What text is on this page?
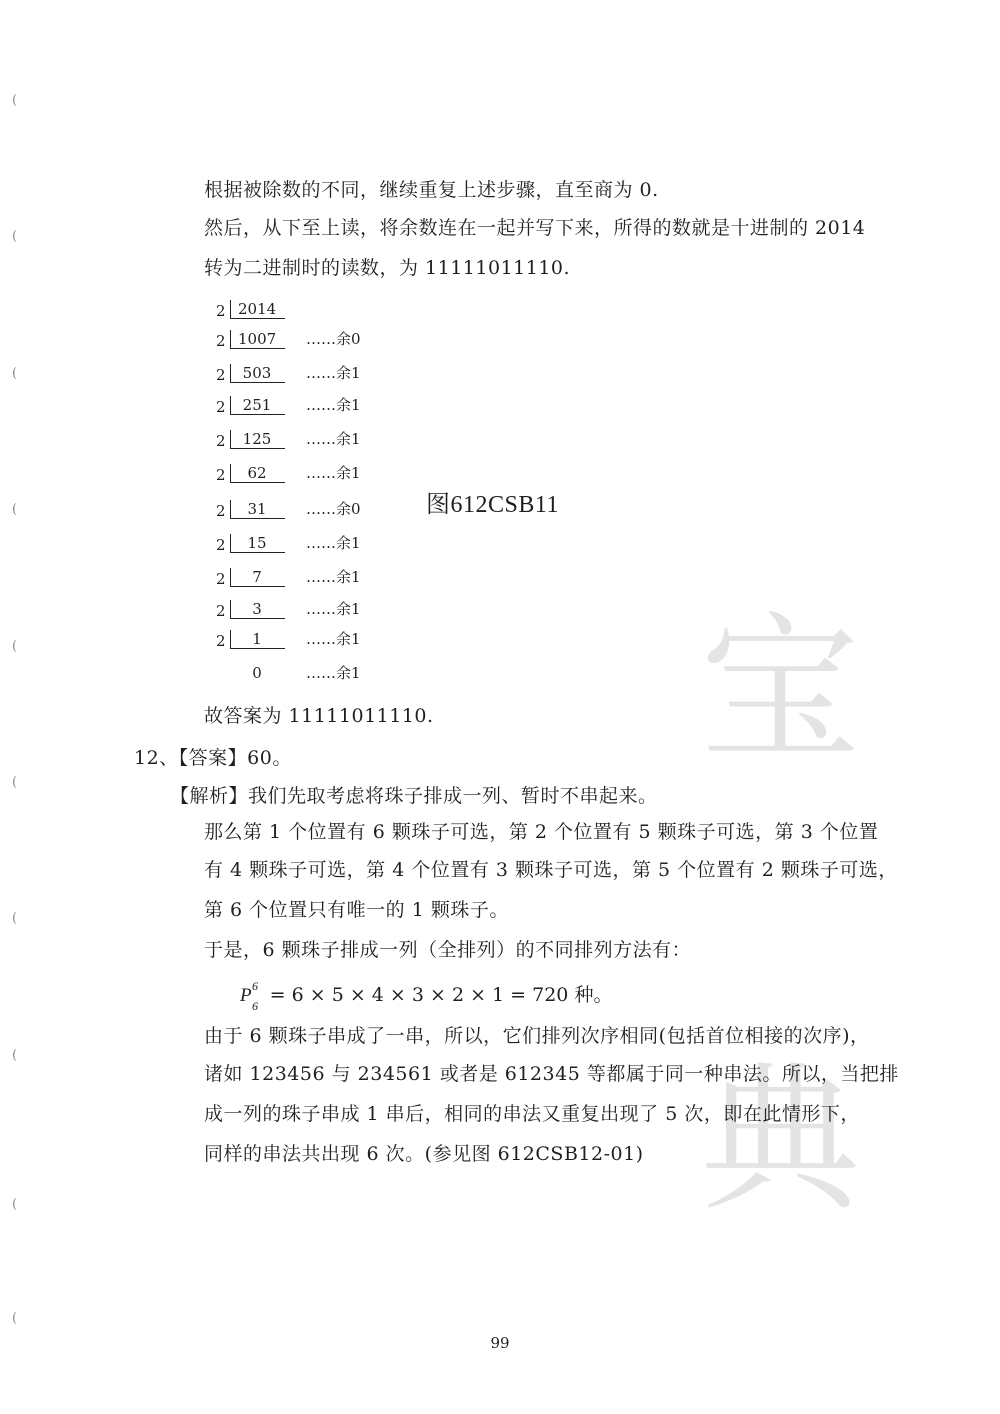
(
(
(
(
(
(
(
(
(
(
宝
典
根据被除数的不同，继续重复上述步骤，直至商为 0.
然后，从下至上读，将余数连在一起并写下来，所得的数就是十进制的 2014
转为二进制时的读数，为 11111011110.
2 2014
2 1007 ……余0
2	503	……余1
2	251	……余1
2	125	……余1
2	62	……余1
2	31	……余0
2	15	……余1
2	7	……余1
2	3	……余1
2	1	……余1
0	……余1
图612CSB11
故答案为 11111011110.
12、【答案】60。
【解析】我们先取考虑将珠子排成一列、暂时不串起来。
那么第 1 个位置有 6 颗珠子可选，第 2 个位置有 5 颗珠子可选，第 3 个位置
有 4 颗珠子可选，第 4 个位置有 3 颗珠子可选，第 5 个位置有 2 颗珠子可选，
第 6 个位置只有唯一的 1 颗珠子。
于是，6 颗珠子排成一列（全排列）的不同排列方法有：
P 6
6 = 6 × 5 × 4 × 3 × 2 × 1 = 720 种。
由于 6 颗珠子串成了一串，所以，它们排列次序相同(包括首位相接的次序)，
诸如 123456 与 234561 或者是 612345 等都属于同一种串法。所以，当把排
成一列的珠子串成 1 串后，相同的串法又重复出现了 5 次，即在此情形下，
同样的串法共出现 6 次。(参见图 612CSB12-01)
99
